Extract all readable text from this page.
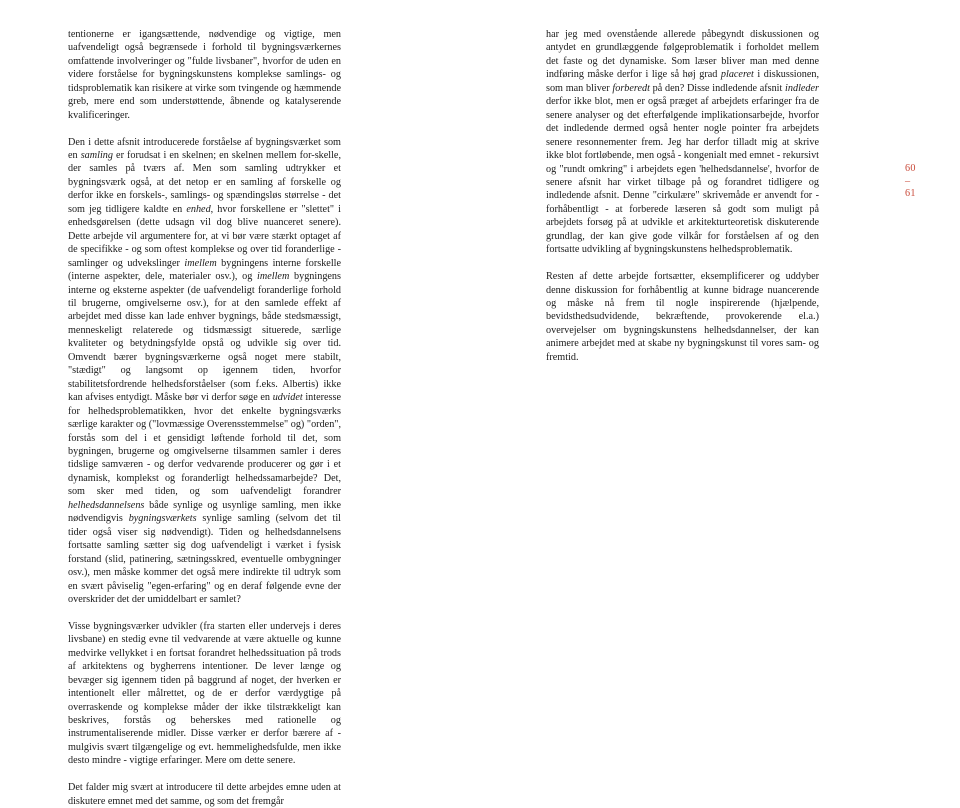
tentionerne er igangsættende, nødvendige og vigtige, men uafvendeligt også begrænsede i forhold til bygningsværkernes omfattende involveringer og "fulde livsbaner", hvorfor de uden en videre forståelse for bygningskunstens komplekse samlings- og tidsproblematik kan risikere at virke som tvingende og hæmmende greb, mere end som understøttende, åbnende og katalyserende kvalificeringer.

Den i dette afsnit introducerede forståelse af bygningsværket som en samling er forudsat i en skelnen; en skelnen mellem for-skelle, der samles på tværs af. Men som samling udtrykker et bygningsværk også, at det netop er en samling af forskelle og derfor ikke en forskels-, samlings- og spændingsløs størrelse - det som jeg tidligere kaldte en enhed, hvor forskellene er "slettet" i enhedsgørelsen (dette udsagn vil dog blive nuanceret senere). Dette arbejde vil argumentere for, at vi bør være stærkt optaget af de specifikke - og som oftest komplekse og over tid foranderlige - samlinger og udvekslinger imellem bygningens interne forskelle (interne aspekter, dele, materialer osv.), og imellem bygningens interne og eksterne aspekter (de uafvendeligt foranderlige forhold til brugerne, omgivelserne osv.), for at den samlede effekt af arbejdet med disse kan lade enhver bygnings, både stedsmæssigt, menneskeligt relaterede og tidsmæssigt situerede, særlige kvaliteter og betydningsfylde opstå og udvikle sig over tid. Omvendt bærer bygningsværkerne også noget mere stabilt, "stædigt" og langsomt op igennem tiden, hvorfor stabilitetsfordrende helhedsforståelser (som f.eks. Albertis) ikke kan afvises entydigt. Måske bør vi derfor søge en udvidet interesse for helhedsproblematikken, hvor det enkelte bygningsværks særlige karakter og ("lovmæssige Overensstemmelse" og) "orden", forstås som del i et gensidigt løftende forhold til det, som bygningen, brugerne og omgivelserne tilsammen samler i deres tidslige samværen - og derfor vedvarende producerer og gør i et dynamisk, komplekst og foranderligt helhedssamarbejde? Det, som sker med tiden, og som uafvendeligt forandrer helhedsdannelsens både synlige og usynlige samling, men ikke nødvendigvis bygningsværkets synlige samling (selvom det til tider også viser sig nødvendigt). Tiden og helhedsdannelsens fortsatte samling sætter sig dog uafvendeligt i værket i fysisk forstand (slid, patinering, sætningsskred, eventuelle ombygninger osv.), men måske kommer det også mere indirekte til udtryk som en svært påviselig "egen-erfaring" og en deraf følgende evne der overskrider det der umiddelbart er samlet?

Visse bygningsværker udvikler (fra starten eller undervejs i deres livsbane) en stedig evne til vedvarende at være aktuelle og kunne medvirke vellykket i en fortsat forandret helhedssituation på trods af arkitektens og bygherrens intentioner. De lever længe og bevæger sig igennem tiden på baggrund af noget, der hverken er intentionelt eller målrettet, og de er derfor værdygtige på overraskende og komplekse måder der ikke tilstrækkeligt kan beskrives, forstås og beherskes med rationelle og instrumentaliserende midler. Disse værker er derfor bærere af - mulgivis svært tilgængelige og evt. hemmelighedsfulde, men ikke desto mindre - vigtige erfaringer. Mere om dette senere.

Det falder mig svært at introducere til dette arbejdes emne uden at diskutere emnet med det samme, og som det fremgår

har jeg med ovenstående allerede påbegyndt diskussionen og antydet en grundlæggende følgeproblematik i forholdet mellem det faste og det dynamiske. Som læser bliver man med denne indføring måske derfor i lige så høj grad placeret i diskussionen, som man bliver forberedt på den? Disse indledende afsnit indleder derfor ikke blot, men er også præget af arbejdets erfaringer fra de senere analyser og det efterfølgende implikationsarbejde, hvorfor det indledende dermed også henter nogle pointer fra arbejdets senere resonnementer frem. Jeg har derfor tilladt mig at skrive ikke blot fortløbende, men også - kongenialt med emnet - rekursivt og "rundt omkring" i arbejdets egen 'helhedsdannelse', hvorfor de senere afsnit har virket tilbage på og forandret tidligere og indledende afsnit. Denne "cirkulære" skrivemåde er anvendt for - forhåbentligt - at forberede læseren så godt som muligt på arbejdets forsøg på at udvikle et arkitekturteoretisk diskuterende grundlag, der kan give gode vilkår for forståelsen af og den fortsatte udvikling af bygningskunstens helhedsproblematik.

Resten af dette arbejde fortsætter, eksemplificerer og uddyber denne diskussion for forhåbentlig at kunne bidrage nuancerende og måske nå frem til nogle inspirerende (hjælpende, bevidsthedsudvidende, bekræftende, provokerende el.a.) overvejelser om bygningskunstens helhedsdannelser, der kan animere arbejdet med at skabe ny bygningskunst til vores sam- og fremtid.

60
–
61
